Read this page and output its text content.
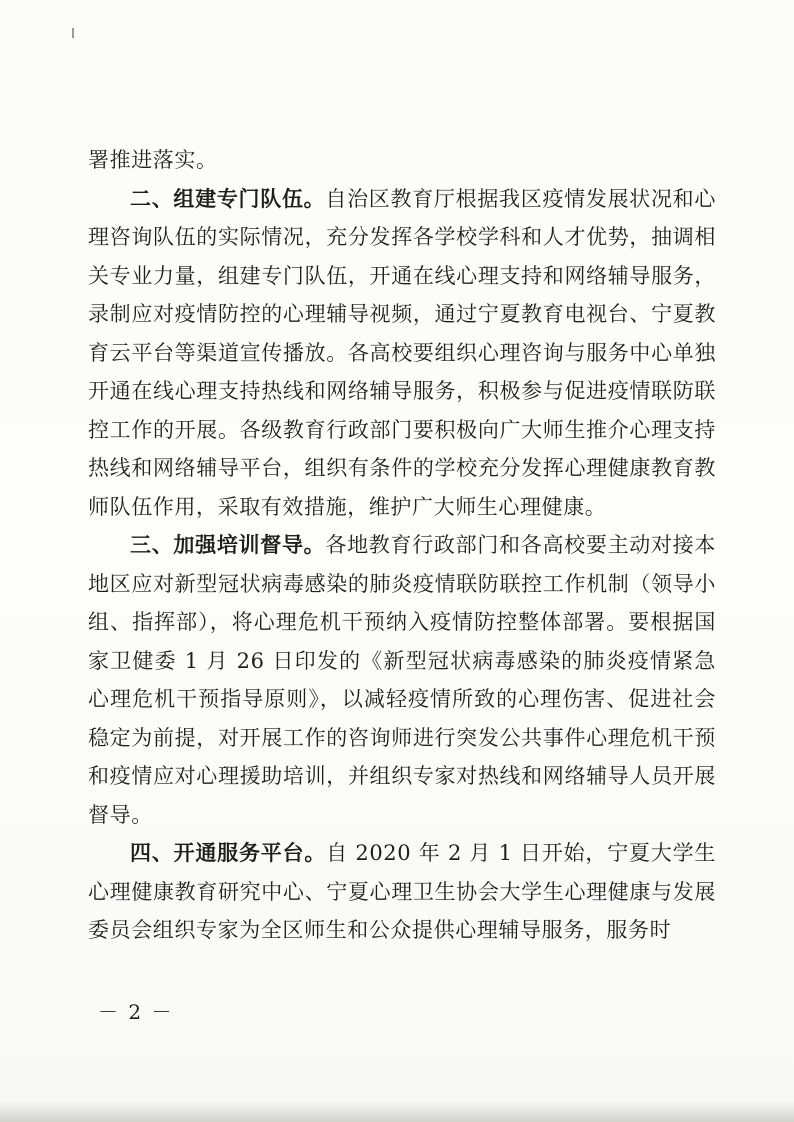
署推进落实。

二、组建专门队伍。自治区教育厅根据我区疫情发展状况和心理咨询队伍的实际情况，充分发挥各学校学科和人才优势，抽调相关专业力量，组建专门队伍，开通在线心理支持和网络辅导服务，录制应对疫情防控的心理辅导视频，通过宁夏教育电视台、宁夏教育云平台等渠道宣传播放。各高校要组织心理咨询与服务中心单独开通在线心理支持热线和网络辅导服务，积极参与促进疫情联防联控工作的开展。各级教育行政部门要积极向广大师生推介心理支持热线和网络辅导平台，组织有条件的学校充分发挥心理健康教育教师队伍作用，采取有效措施，维护广大师生心理健康。

三、加强培训督导。各地教育行政部门和各高校要主动对接本地区应对新型冠状病毒感染的肺炎疫情联防联控工作机制（领导小组、指挥部），将心理危机干预纳入疫情防控整体部署。要根据国家卫健委 1 月 26 日印发的《新型冠状病毒感染的肺炎疫情紧急心理危机干预指导原则》，以减轻疫情所致的心理伤害、促进社会稳定为前提，对开展工作的咨询师进行突发公共事件心理危机干预和疫情应对心理援助培训，并组织专家对热线和网络辅导人员开展督导。

四、开通服务平台。自 2020 年 2 月 1 日开始，宁夏大学生心理健康教育研究中心、宁夏心理卫生协会大学生心理健康与发展委员会组织专家为全区师生和公众提供心理辅导服务，服务时

－ 2 －
